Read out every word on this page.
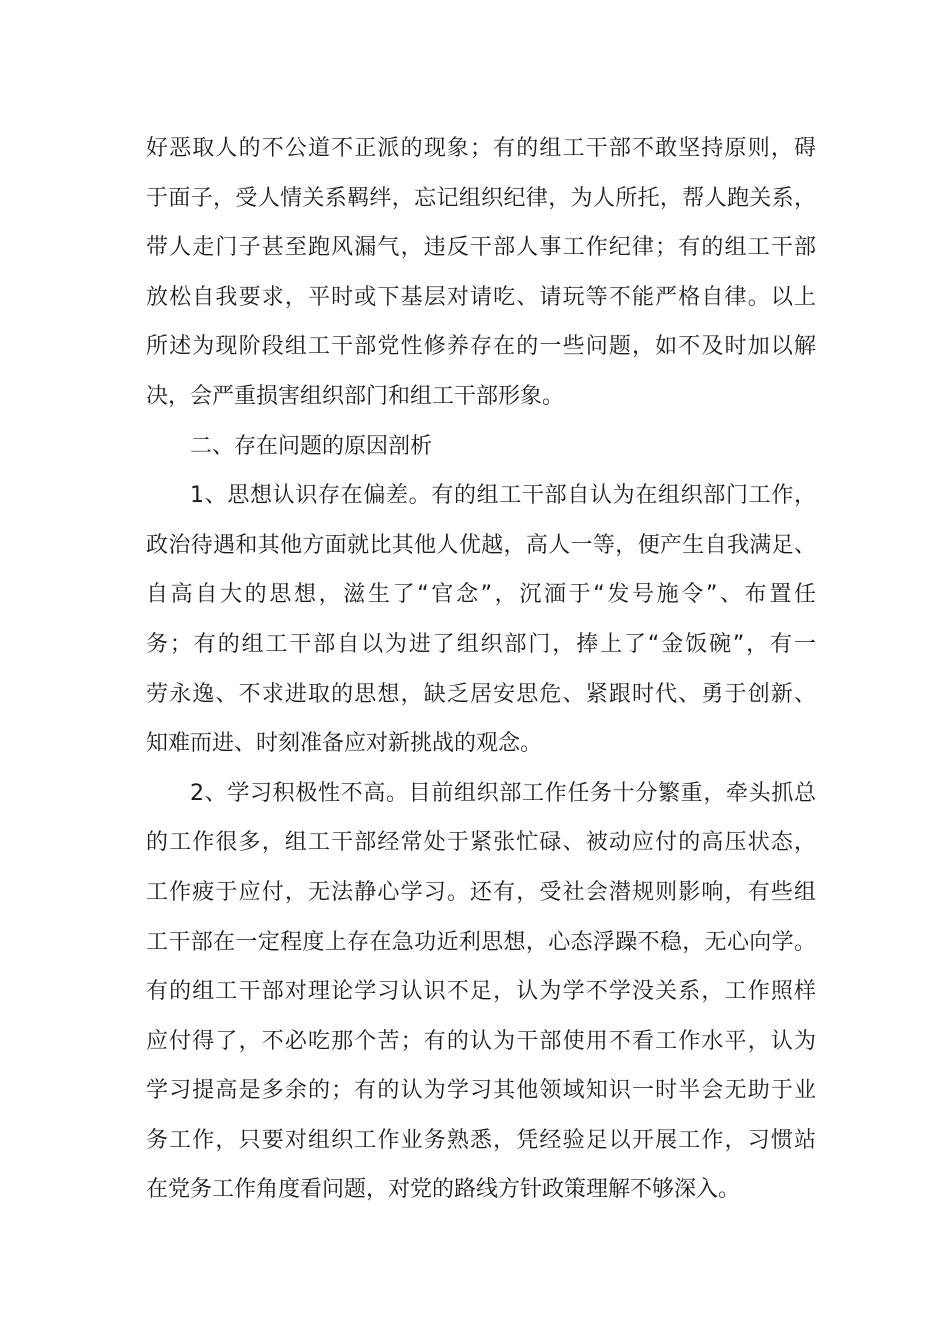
好恶取人的不公道不正派的现象；有的组工干部不敢坚持原则，碍
于面子，受人情关系羁绊，忘记组织纪律，为人所托，帮人跑关系，
带人走门子甚至跑风漏气，违反干部人事工作纪律；有的组工干部
放松自我要求，平时或下基层对请吃、请玩等不能严格自律。以上
所述为现阶段组工干部党性修养存在的一些问题，如不及时加以解
决，会严重损害组织部门和组工干部形象。
二、存在问题的原因剖析
1、思想认识存在偏差。有的组工干部自认为在组织部门工作，
政治待遇和其他方面就比其他人优越，高人一等，便产生自我满足、
自高自大的思想，滋生了“官念”，沉湎于“发号施令”、布置任
务；有的组工干部自以为进了组织部门，捧上了“金饭碗”，有一
劳永逸、不求进取的思想，缺乏居安思危、紧跟时代、勇于创新、
知难而进、时刻准备应对新挑战的观念。
2、学习积极性不高。目前组织部工作任务十分繁重，牵头抓总
的工作很多，组工干部经常处于紧张忙碌、被动应付的高压状态，
工作疲于应付，无法静心学习。还有，受社会潜规则影响，有些组
工干部在一定程度上存在急功近利思想，心态浮躁不稳，无心向学。
有的组工干部对理论学习认识不足，认为学不学没关系，工作照样
应付得了，不必吃那个苦；有的认为干部使用不看工作水平，认为
学习提高是多余的；有的认为学习其他领域知识一时半会无助于业
务工作，只要对组织工作业务熟悉，凭经验足以开展工作，习惯站
在党务工作角度看问题，对党的路线方针政策理解不够深入。
